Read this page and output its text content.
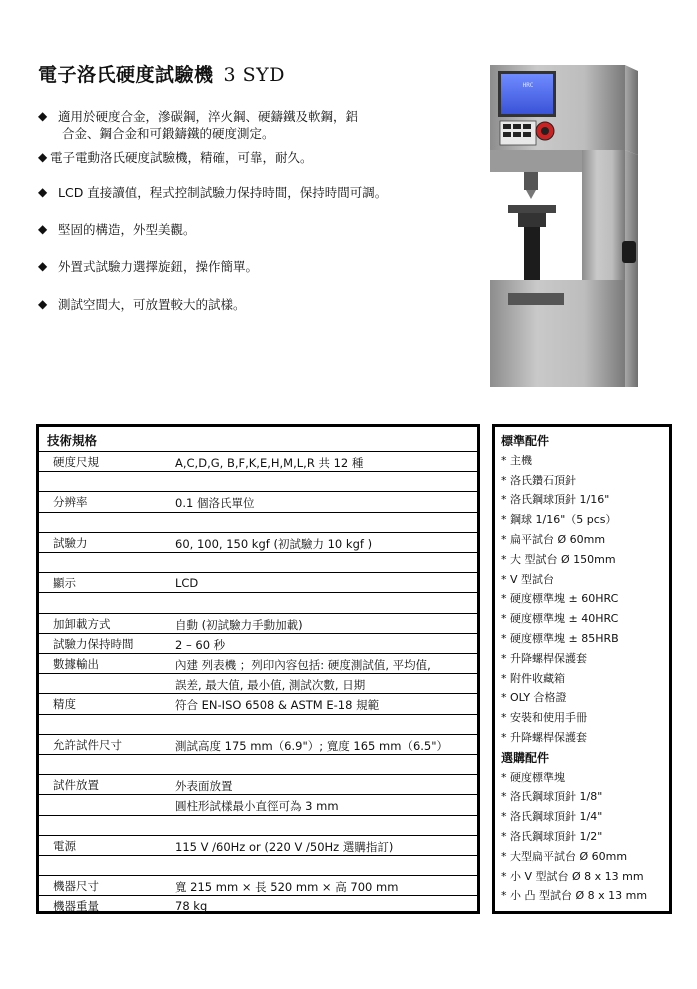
電子洛氏硬度試驗機 3 SYD
◆ 適用於硬度合金，滲碳鋼，淬火鋼、硬鑄鐵及軟鋼，鋁
合金、鋼合金和可鍛鑄鐵的硬度測定。
◆ 電子電動洛氏硬度試驗機，精確，可靠，耐久。
◆ LCD 直接讀值，程式控制試驗力保持時間，保持時間可調。
◆ 堅固的構造，外型美觀。
◆ 外置式試驗力選擇旋鈕，操作簡單。
◆ 測試空間大，可放置較大的試樣。
HRC
技術規格
硬度尺規	A,C,D,G, B,F,K,E,H,M,L,R 共 12 種
分辨率	0.1 個洛氏單位
試驗力	60, 100, 150 kgf (初試驗力 10 kgf )
顯示	LCD
加卸載方式	自動 (初試驗力手動加載)
試驗力保持時間	2 – 60 秒
數據輸出	內建 列表機 ；列印內容包括: 硬度測試值, 平均值,
誤差, 最大值, 最小值, 測試次數, 日期
精度	符合 EN-ISO 6508 & ASTM E-18 規範
允許試件尺寸	測試高度 175 mm（6.9"）; 寬度 165 mm（6.5"）
試件放置	外表面放置
圓柱形試樣最小直徑可為 3 mm
電源	115 V /60Hz or (220 V /50Hz 選購指訂)
機器尺寸	寬 215 mm × 長 520 mm × 高 700 mm
機器重量	78 kg
標準配件
* 主機
* 洛氏鑽石頂針
* 洛氏鋼球頂針 1/16"
* 鋼球 1/16"（5 pcs）
* 扁平試台 Ø 60mm
* 大 型試台 Ø 150mm
* V 型試台
* 硬度標準塊 ± 60HRC
* 硬度標準塊 ± 40HRC
* 硬度標準塊 ± 85HRB
* 升降螺桿保護套
* 附件收藏箱
* OLY 合格證
* 安裝和使用手冊
* 升降螺桿保護套
選購配件
* 硬度標準塊
* 洛氏鋼球頂針 1/8"
* 洛氏鋼球頂針 1/4"
* 洛氏鋼球頂針 1/2"
* 大型扁平試台 Ø 60mm
* 小 V 型試台 Ø 8 x 13 mm
* 小 凸 型試台 Ø 8 x 13 mm
